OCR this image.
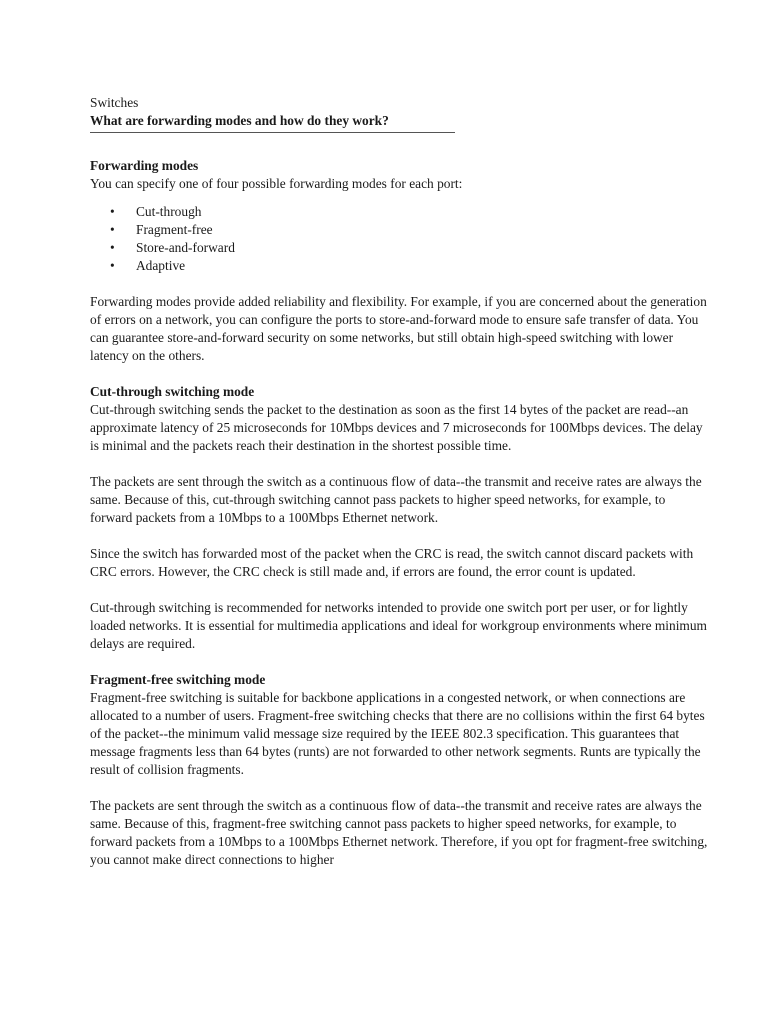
Switches
What are forwarding modes and how do they work?
Forwarding modes
You can specify one of four possible forwarding modes for each port:
• Cut-through
• Fragment-free
• Store-and-forward
• Adaptive

Forwarding modes provide added reliability and flexibility. For example, if you are concerned about the generation of errors on a network, you can configure the ports to store-and-forward mode to ensure safe transfer of data. You can guarantee store-and-forward security on some networks, but still obtain high-speed switching with lower latency on the others.

Cut-through switching mode

Cut-through switching sends the packet to the destination as soon as the first 14 bytes of the packet are read--an approximate latency of 25 microseconds for 10Mbps devices and 7 microseconds for 100Mbps devices. The delay is minimal and the packets reach their destination in the shortest possible time.

The packets are sent through the switch as a continuous flow of data--the transmit and receive rates are always the same. Because of this, cut-through switching cannot pass packets to higher speed networks, for example, to forward packets from a 10Mbps to a 100Mbps Ethernet network.

Since the switch has forwarded most of the packet when the CRC is read, the switch cannot discard packets with CRC errors. However, the CRC check is still made and, if errors are found, the error count is updated.

Cut-through switching is recommended for networks intended to provide one switch port per user, or for lightly loaded networks. It is essential for multimedia applications and ideal for workgroup environments where minimum delays are required.

Fragment-free switching mode

Fragment-free switching is suitable for backbone applications in a congested network, or when connections are allocated to a number of users. Fragment-free switching checks that there are no collisions within the first 64 bytes of the packet--the minimum valid message size required by the IEEE 802.3 specification. This guarantees that message fragments less than 64 bytes (runts) are not forwarded to other network segments. Runts are typically the result of collision fragments.

The packets are sent through the switch as a continuous flow of data--the transmit and receive rates are always the same. Because of this, fragment-free switching cannot pass packets to higher speed networks, for example, to forward packets from a 10Mbps to a 100Mbps Ethernet network. Therefore, if you opt for fragment-free switching, you cannot make direct connections to higher
